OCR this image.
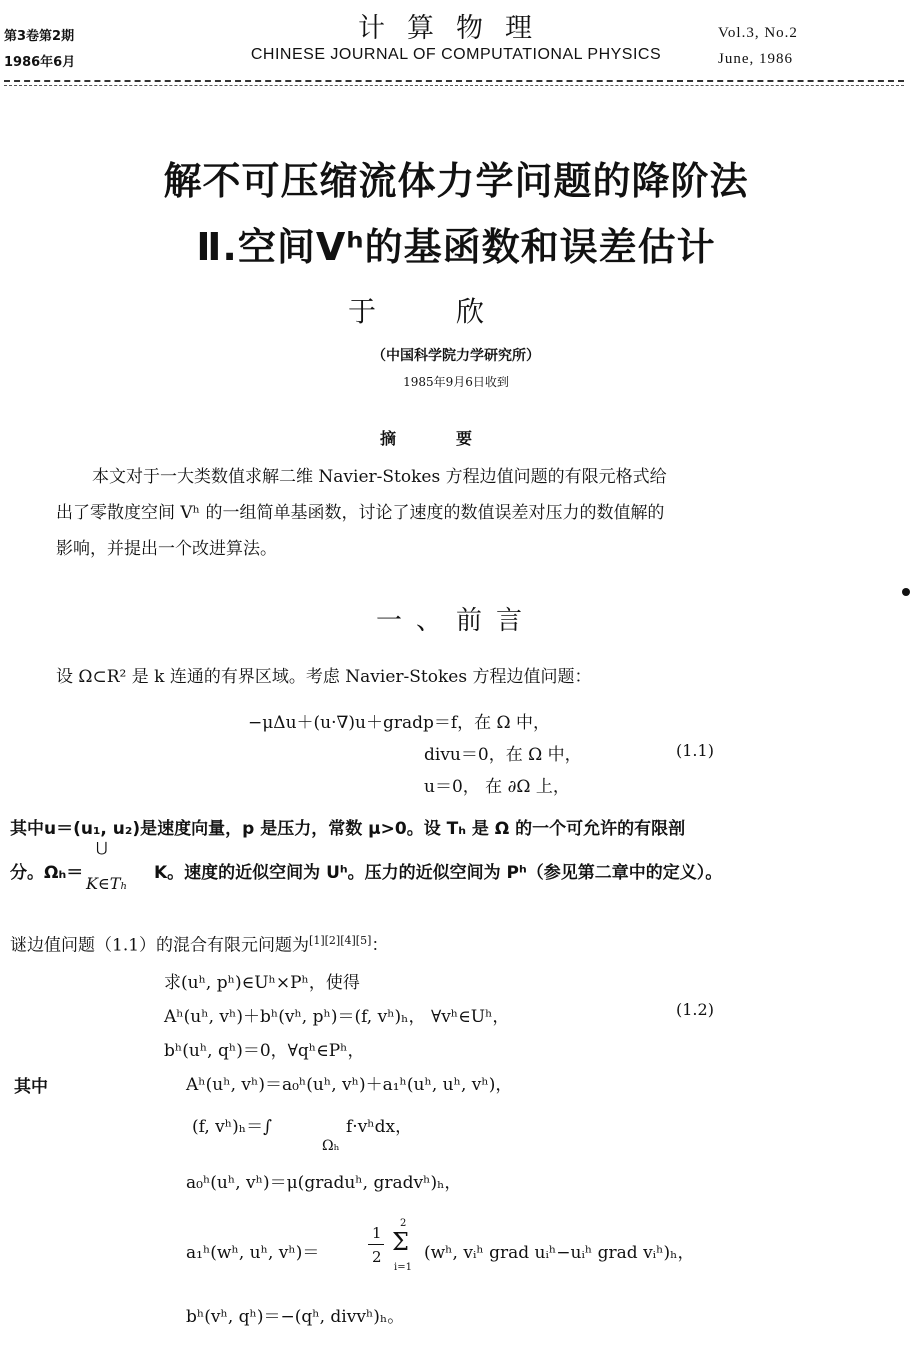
第3卷第2期
1986年6月
计算物理
CHINESE JOURNAL OF COMPUTATIONAL PHYSICS
Vol.3, No.2
June, 1986
解不可压缩流体力学问题的降阶法
Ⅱ.空间Vʰ的基函数和误差估计
于欣
（中国科学院力学研究所）
1985年9月6日收到
摘要
本文对于一大类数值求解二维 Navier-Stokes 方程边值问题的有限元格式给
出了零散度空间 Vʰ 的一组简单基函数，讨论了速度的数值误差对压力的数值解的
影响，并提出一个改进算法。
一、前言
设 Ω⊂R² 是 k 连通的有界区域。考虑 Navier-Stokes 方程边值问题：
−μΔu＋(u·∇)u＋gradp＝f，在 Ω 中，
divu＝0，在 Ω 中，
u＝0， 在 ∂Ω 上，
(1.1)
其中u＝(u₁, u₂)是速度向量，p 是压力，常数 μ>0。设 Tₕ 是 Ω 的一个可允许的有限剖
分。Ωₕ＝
⋃
K∈Tₕ
K。速度的近似空间为 Uʰ。压力的近似空间为 Pʰ（参见第二章中的定义）。
谜边值问题（1.1）的混合有限元问题为[1][2][4][5]：
求(uʰ, pʰ)∈Uʰ×Pʰ，使得
Aʰ(uʰ, vʰ)＋bʰ(vʰ, pʰ)＝(f, vʰ)ₕ， ∀vʰ∈Uʰ，
bʰ(uʰ, qʰ)＝0，∀qʰ∈Pʰ，
(1.2)
其中	Aʰ(uʰ, vʰ)＝a₀ʰ(uʰ, vʰ)＋a₁ʰ(uʰ, uʰ, vʰ)，
(f, vʰ)ₕ＝∫	f·vʰdx，
Ωₕ
a₀ʰ(uʰ, vʰ)＝μ(graduʰ, gradvʰ)ₕ，
a₁ʰ(wʰ, uʰ, vʰ)＝
1
2
Σ
2
i=1
(wʰ, vᵢʰ grad uᵢʰ−uᵢʰ grad vᵢʰ)ₕ，
bʰ(vʰ, qʰ)＝−(qʰ, divvʰ)ₕ。
